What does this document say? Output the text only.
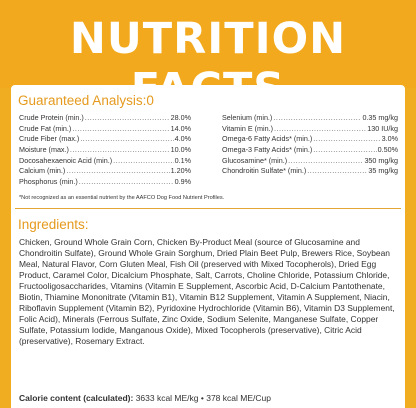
NUTRITION
Guaranteed Analysis:0
Crude Protein (min.) .....	28.0%
Crude Fat (min.) .....	14.0%
Crude Fiber (max.) .....	4.0%
Moisture (max.) .....	10.0%
Docosahexaenoic Acid (min.) .....	0.1%
Calcium (min.) .....	1.20%
Phosphorus (min.) .....	0.9%
Selenium (min.) .....	0.35 mg/kg
Vitamin E (min.) .....	130 IU/kg
Omega-6 Fatty Acids* (min.) .....	3.0%
Omega-3 Fatty Acids* (min.) .....	0.50%
Glucosamine* (min.) .....	350 mg/kg
Chondroitin Sulfate* (min.) .....	35 mg/kg
*Not recognized as an essential nutrient by the AAFCO Dog Food Nutrient Profiles.
Ingredients:
Chicken, Ground Whole Grain Corn, Chicken By-Product Meal (source of Glucosamine and Chondroitin Sulfate), Ground Whole Grain Sorghum, Dried Plain Beet Pulp, Brewers Rice, Soybean Meal, Natural Flavor, Corn Gluten Meal, Fish Oil (preserved with Mixed Tocopherols), Dried Egg Product, Caramel Color, Dicalcium Phosphate, Salt, Carrots, Choline Chloride, Potassium Chloride, Fructooligosaccharides, Vitamins (Vitamin E Supplement, Ascorbic Acid, D-Calcium Pantothenate, Biotin, Thiamine Mononitrate (Vitamin B1), Vitamin B12 Supplement, Vitamin A Supplement, Niacin, Riboflavin Supplement (Vitamin B2), Pyridoxine Hydrochloride (Vitamin B6), Vitamin D3 Supplement, Folic Acid), Minerals (Ferrous Sulfate, Zinc Oxide, Sodium Selenite, Manganese Sulfate, Copper Sulfate, Potassium Iodide, Manganous Oxide), Mixed Tocopherols (preservative), Citric Acid (preservative), Rosemary Extract.
Calorie content (calculated): 3633 kcal ME/kg • 378 kcal ME/Cup
